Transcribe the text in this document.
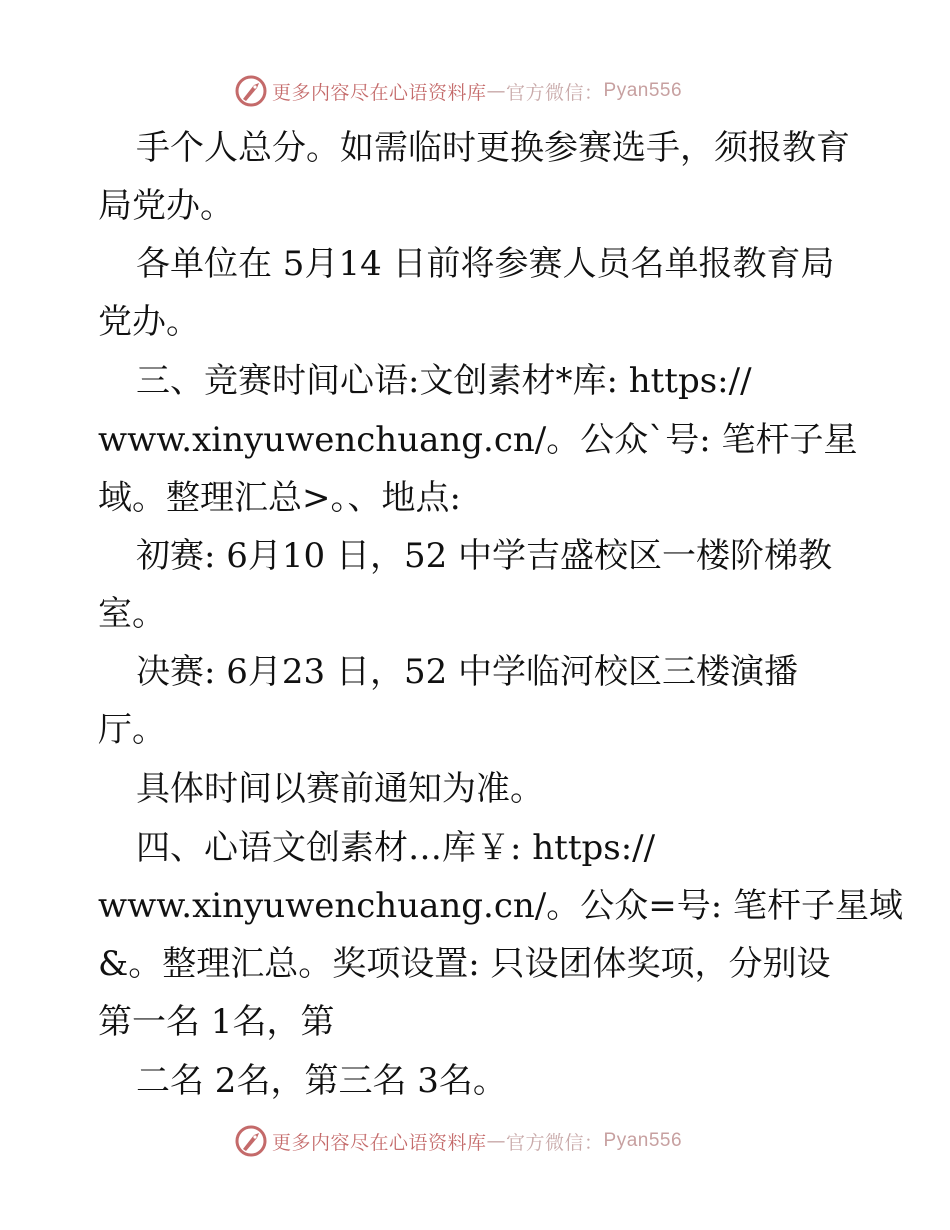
更多内容尽在心语资料库 — 官方微信： Pyan556
手个人总分。如需临时更换参赛选手，须报教育
局党办。
各单位在 5月14 日前将参赛人员名单报教育局
党办。
三、竞赛时间心语:文创素材*库: https://
www.xinyuwenchuang.cn/。公众`号: 笔杆子星
域。整理汇总>。、地点:
初赛: 6月10 日，52 中学吉盛校区一楼阶梯教
室。
决赛: 6月23 日，52 中学临河校区三楼演播
厅。
具体时间以赛前通知为准。
四、心语文创素材…库￥: https://
www.xinyuwenchuang.cn/。公众=号: 笔杆子星域
&。整理汇总。奖项设置: 只设团体奖项，分别设
第一名 1名，第
二名 2名，第三名 3名。
更多内容尽在心语资料库 — 官方微信： Pyan556
